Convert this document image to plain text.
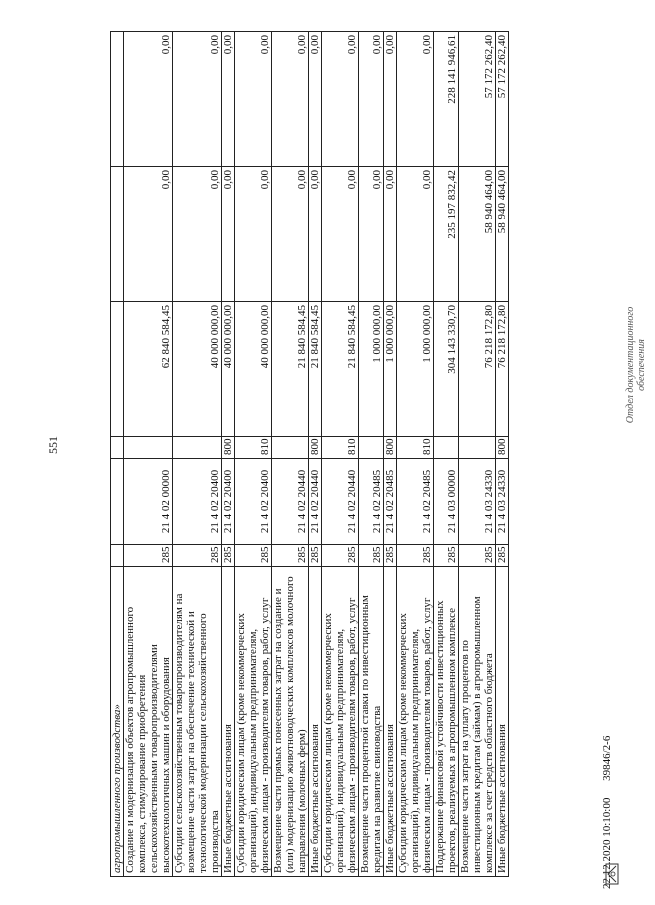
551
агропромышленного производства»						
Создание и модернизация объектов агропромышленного комплекса, стимулирование приобретения сельскохозяйственными товаропроизводителями высокотехнологичных машин и оборудования	285	21 4 02 00000		62 840 584,45	0,00	0,00
Субсидии сельскохозяйственным товаропроизводителям на возмещение части затрат на обеспечение технической и технологической модернизации сельскохозяйственного производства	285	21 4 02 20400		40 000 000,00	0,00	0,00
Иные бюджетные ассигнования	285	21 4 02 20400	800	40 000 000,00	0,00	0,00
Субсидии юридическим лицам (кроме некоммерческих организаций), индивидуальным предпринимателям, физическим лицам - производителям товаров, работ, услуг	285	21 4 02 20400	810	40 000 000,00	0,00	0,00
Возмещение части прямых понесенных затрат на создание и (или) модернизацию животноводческих комплексов молочного направления (молочных ферм)	285	21 4 02 20440		21 840 584,45	0,00	0,00
Иные бюджетные ассигнования	285	21 4 02 20440	800	21 840 584,45	0,00	0,00
Субсидии юридическим лицам (кроме некоммерческих организаций), индивидуальным предпринимателям, физическим лицам - производителям товаров, работ, услуг	285	21 4 02 20440	810	21 840 584,45	0,00	0,00
Возмещение части процентной ставки по инвестиционным кредитам на развитие свиноводства	285	21 4 02 20485		1 000 000,00	0,00	0,00
Иные бюджетные ассигнования	285	21 4 02 20485	800	1 000 000,00	0,00	0,00
Субсидии юридическим лицам (кроме некоммерческих организаций), индивидуальным предпринимателям, физическим лицам - производителям товаров, работ, услуг	285	21 4 02 20485	810	1 000 000,00	0,00	0,00
Поддержание финансовой устойчивости инвестиционных проектов, реализуемых в агропромышленном комплексе	285	21 4 03 00000		304 143 330,70	235 197 832,42	228 141 946,61
Возмещение части затрат на уплату процентов по инвестиционным кредитам (займам) в агропромышленном комплексе за счет средств областного бюджета	285	21 4 03 24330		76 218 172,80	58 940 464,00	57 172 262,40
Иные бюджетные ассигнования	285	21 4 03 24330	800	76 218 172,80	58 940 464,00	57 172 262,40
Отдел документационного обеспечения
22.12.2020 10:10:00 39846/2-6
